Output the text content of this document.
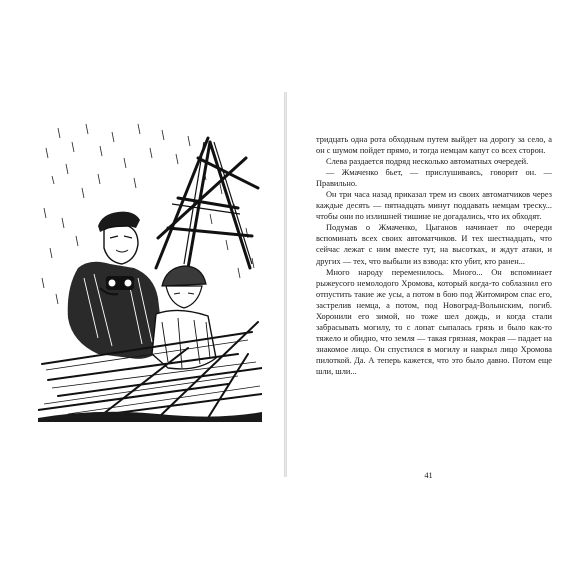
тридцать одна рота обходным путем выйдет на дорогу за село, а он с шумом пойдет прямо, и тогда немцам капут со всех сторон.

Слева раздается подряд несколько автоматных очередей.

— Жмаченко бьет, — прислушиваясь, говорит он. — Правильно.

Он три часа назад приказал трем из своих автоматчиков через каждые десять — пятнадцать минут поддавать немцам треску... чтобы они по излишней тишине не догадались, что их обходят.

Подумав о Жмаченко, Цыганов начинает по очереди вспоминать всех своих автоматчиков. И тех шестнадцать, что сейчас лежат с ним вместе тут, на высотках, и ждут атаки, и других — тех, что выбыли из взвода: кто убит, кто ранен...

Много народу переменилось. Много... Он вспоминает рыжеусого немолодого Хромова, который когда-то соблазнил его отпустить такие же усы, а потом в бою под Житомиром спас его, застрелив немца, а потом, под Новоград-Волынским, погиб. Хоронили его зимой, но тоже шел дождь, и когда стали забрасывать могилу, то с лопат сыпалась грязь и было как-то тяжело и обидно, что земля — такая грязная, мокрая — падает на знакомое лицо. Он спустился в могилу и накрыл лицо Хромова пилоткой. Да. А теперь кажется, что это было давно. Потом еще шли, шли...

41
